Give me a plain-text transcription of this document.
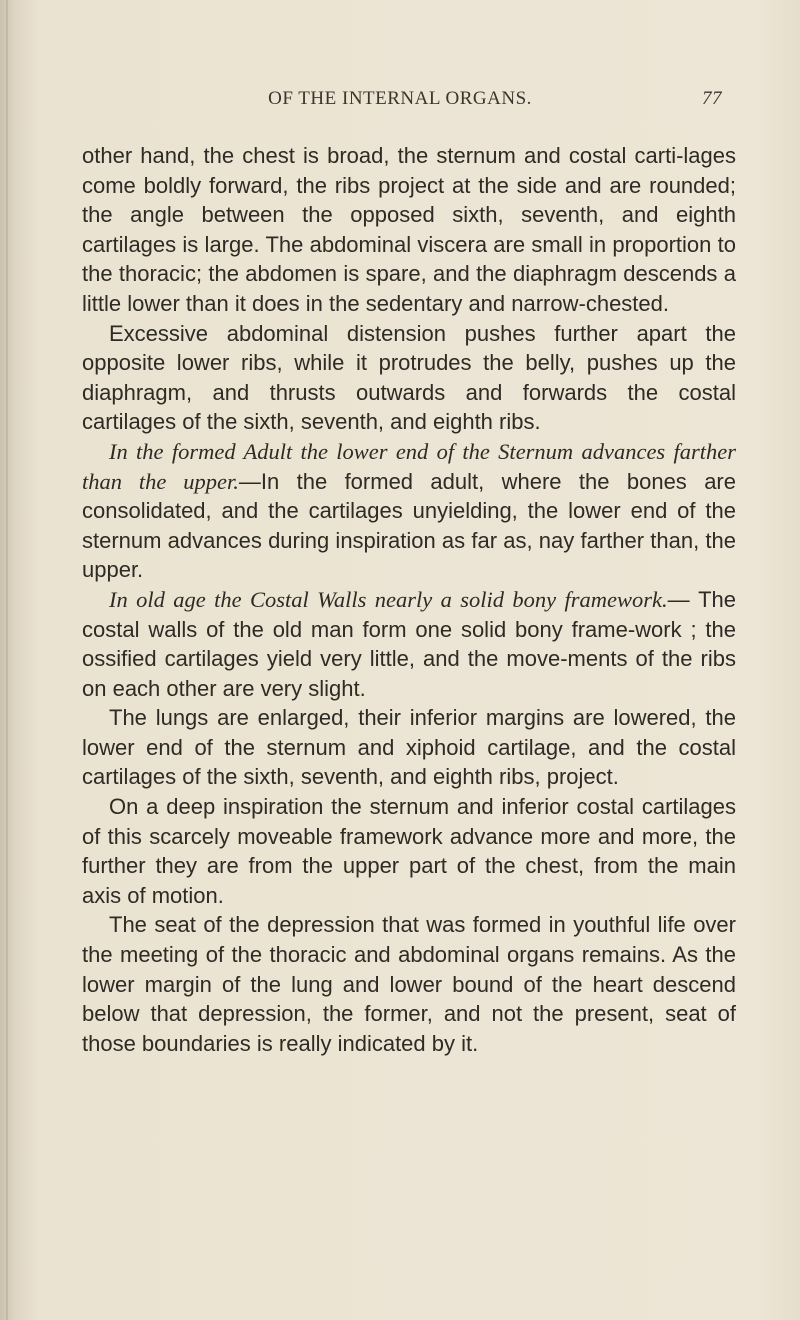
OF THE INTERNAL ORGANS.	77

other hand, the chest is broad, the sternum and costal carti-lages come boldly forward, the ribs project at the side and are rounded; the angle between the opposed sixth, seventh, and eighth cartilages is large. The abdominal viscera are small in proportion to the thoracic; the abdomen is spare, and the diaphragm descends a little lower than it does in the sedentary and narrow-chested.

Excessive abdominal distension pushes further apart the opposite lower ribs, while it protrudes the belly, pushes up the diaphragm, and thrusts outwards and forwards the costal cartilages of the sixth, seventh, and eighth ribs.

In the formed Adult the lower end of the Sternum advances farther than the upper.—In the formed adult, where the bones are consolidated, and the cartilages unyielding, the lower end of the sternum advances during inspiration as far as, nay farther than, the upper.

In old age the Costal Walls nearly a solid bony framework.— The costal walls of the old man form one solid bony frame-work ; the ossified cartilages yield very little, and the move-ments of the ribs on each other are very slight.

The lungs are enlarged, their inferior margins are lowered, the lower end of the sternum and xiphoid cartilage, and the costal cartilages of the sixth, seventh, and eighth ribs, project.

On a deep inspiration the sternum and inferior costal cartilages of this scarcely moveable framework advance more and more, the further they are from the upper part of the chest, from the main axis of motion.

The seat of the depression that was formed in youthful life over the meeting of the thoracic and abdominal organs remains. As the lower margin of the lung and lower bound of the heart descend below that depression, the former, and not the present, seat of those boundaries is really indicated by it.
